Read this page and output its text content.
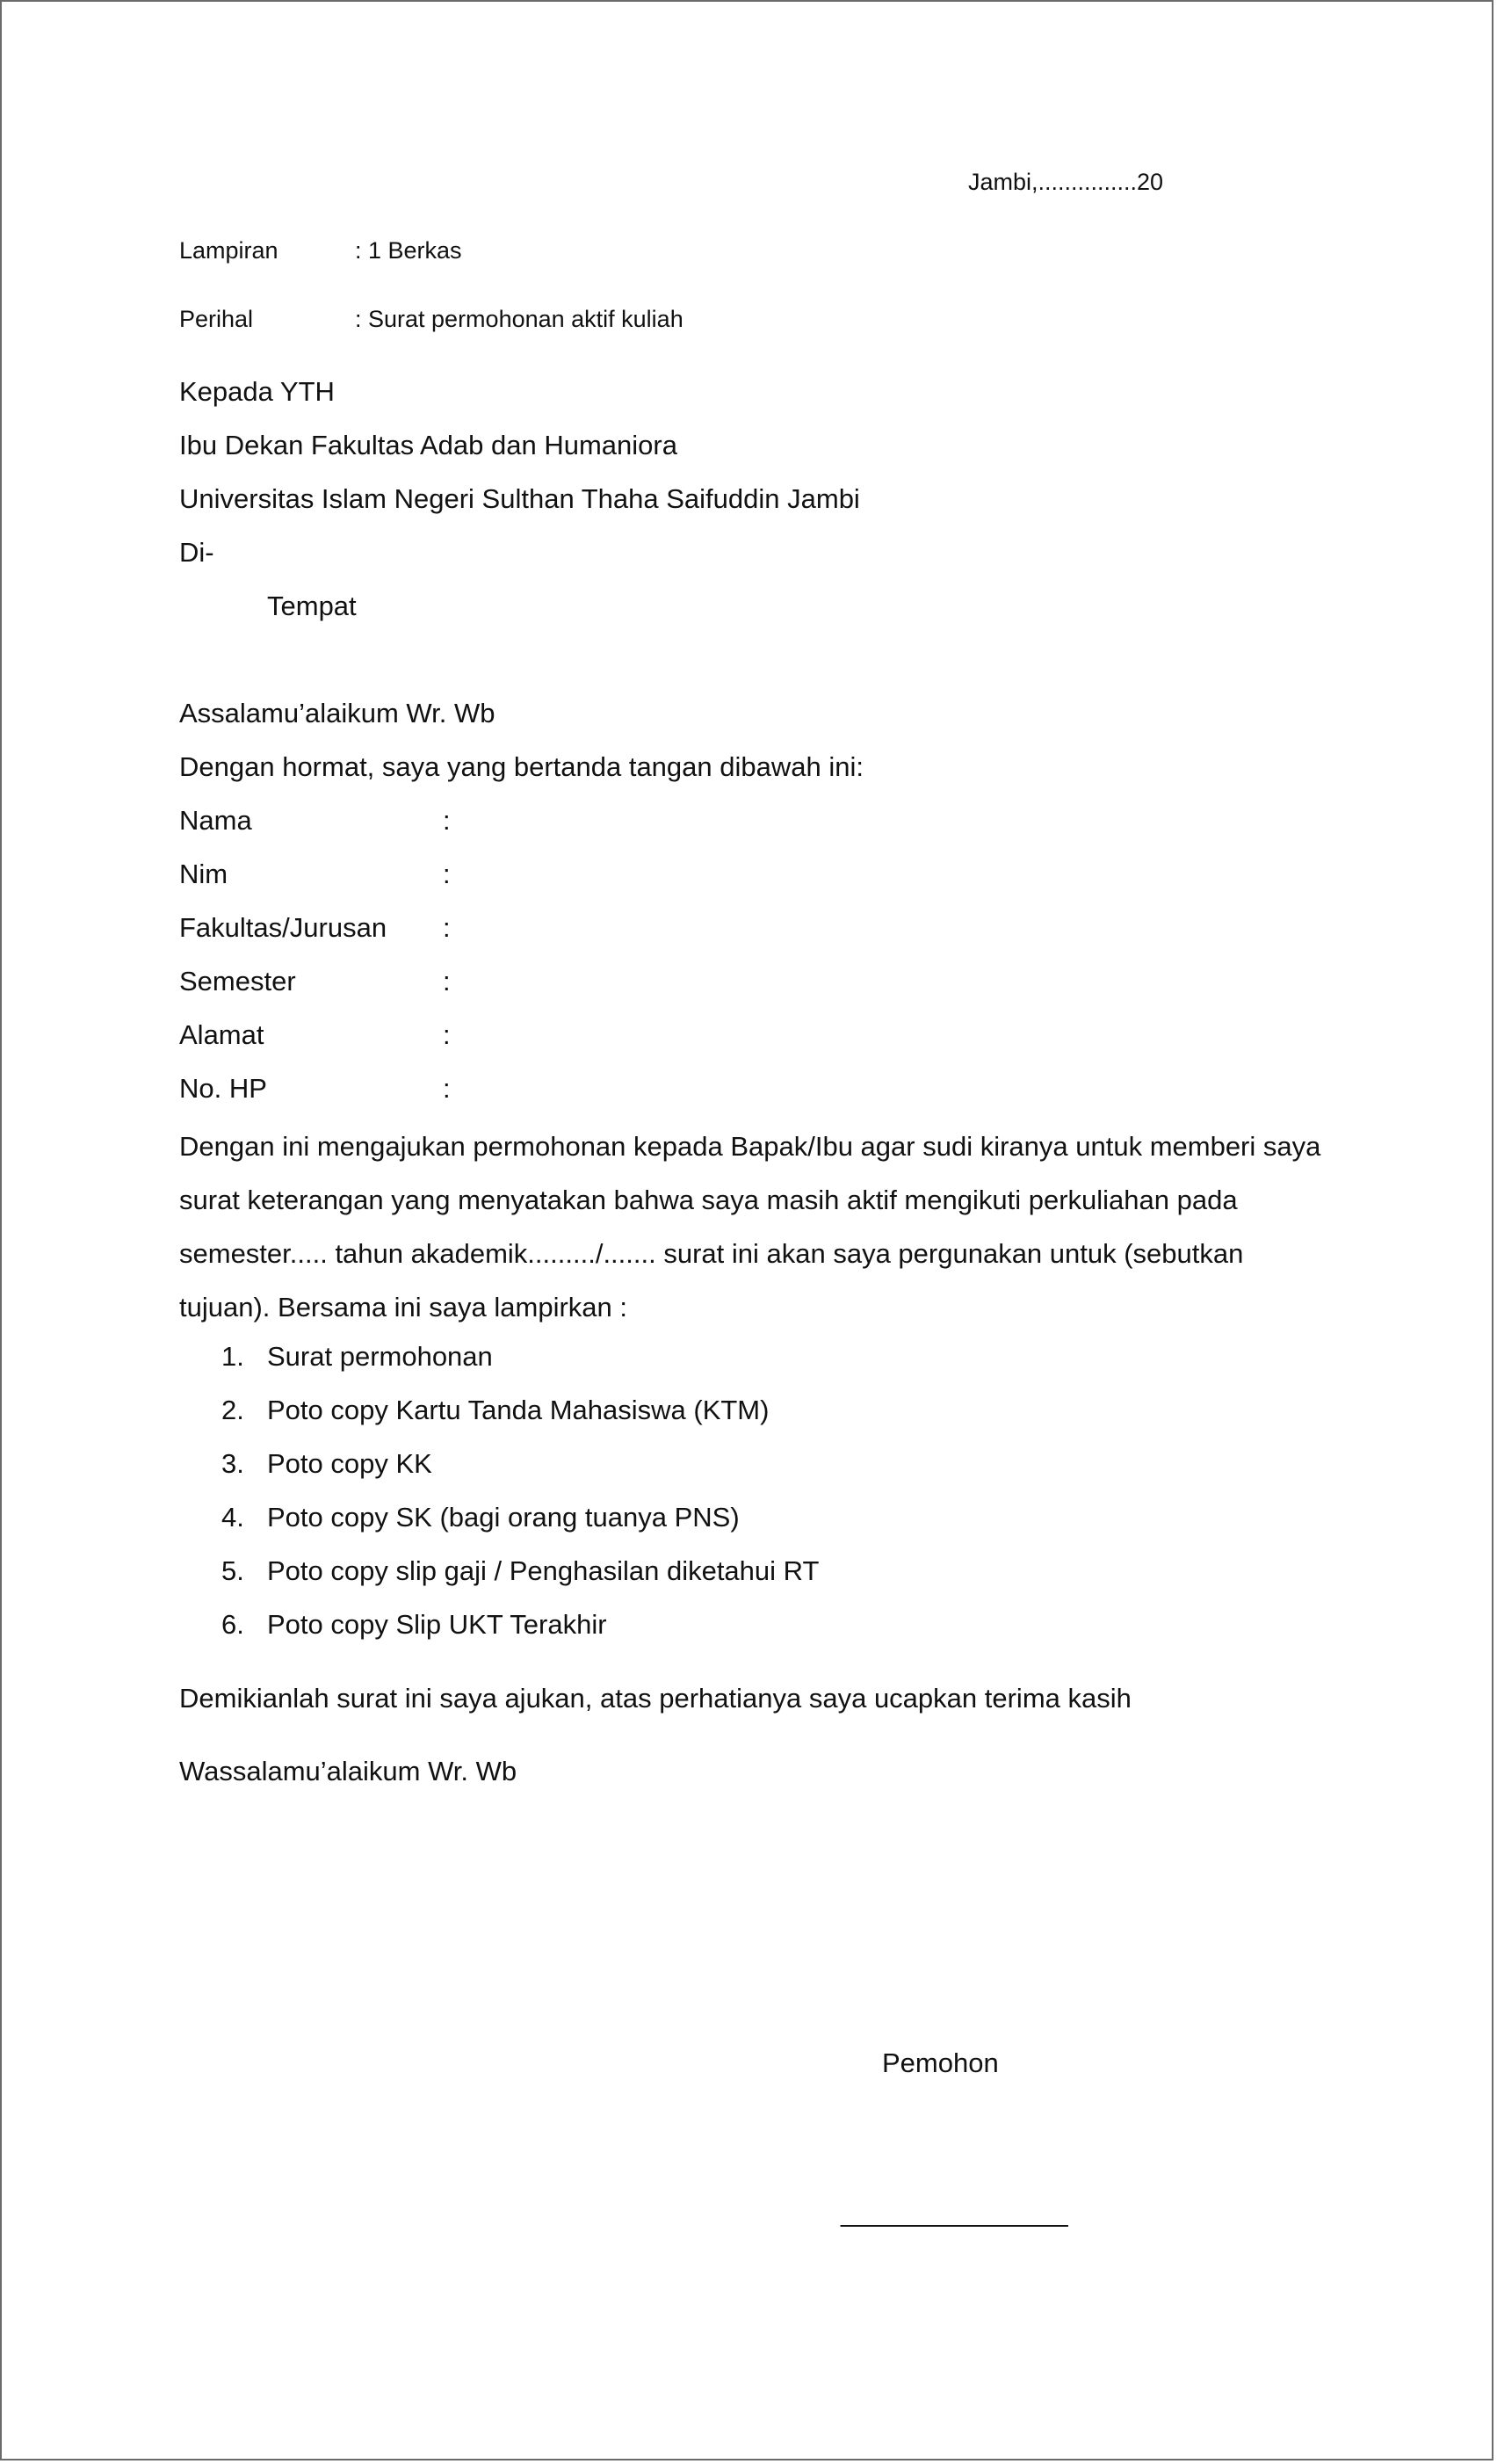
Jambi,...............20
Lampiran	: 1 Berkas
Perihal	: Surat permohonan aktif kuliah
Kepada YTH
Ibu Dekan Fakultas Adab dan Humaniora
Universitas Islam Negeri Sulthan Thaha Saifuddin Jambi
Di-
Tempat
Assalamu’alaikum Wr. Wb
Dengan hormat, saya yang bertanda tangan dibawah ini:
Nama	:
Nim	:
Fakultas/Jurusan :
Semester	:
Alamat	:
No. HP	:
Dengan ini mengajukan permohonan kepada Bapak/Ibu agar sudi kiranya untuk memberi saya surat keterangan yang menyatakan bahwa saya masih aktif mengikuti perkuliahan pada semester..... tahun akademik........./....... surat ini akan saya pergunakan untuk (sebutkan tujuan). Bersama ini saya lampirkan :
1. Surat permohonan
2. Poto copy Kartu Tanda Mahasiswa (KTM)
3. Poto copy KK
4. Poto copy SK (bagi orang tuanya PNS)
5. Poto copy slip gaji / Penghasilan diketahui RT
6. Poto copy Slip UKT Terakhir
Demikianlah surat ini saya ajukan, atas perhatianya saya ucapkan terima kasih
Wassalamu’alaikum Wr. Wb
Pemohon
_______________
